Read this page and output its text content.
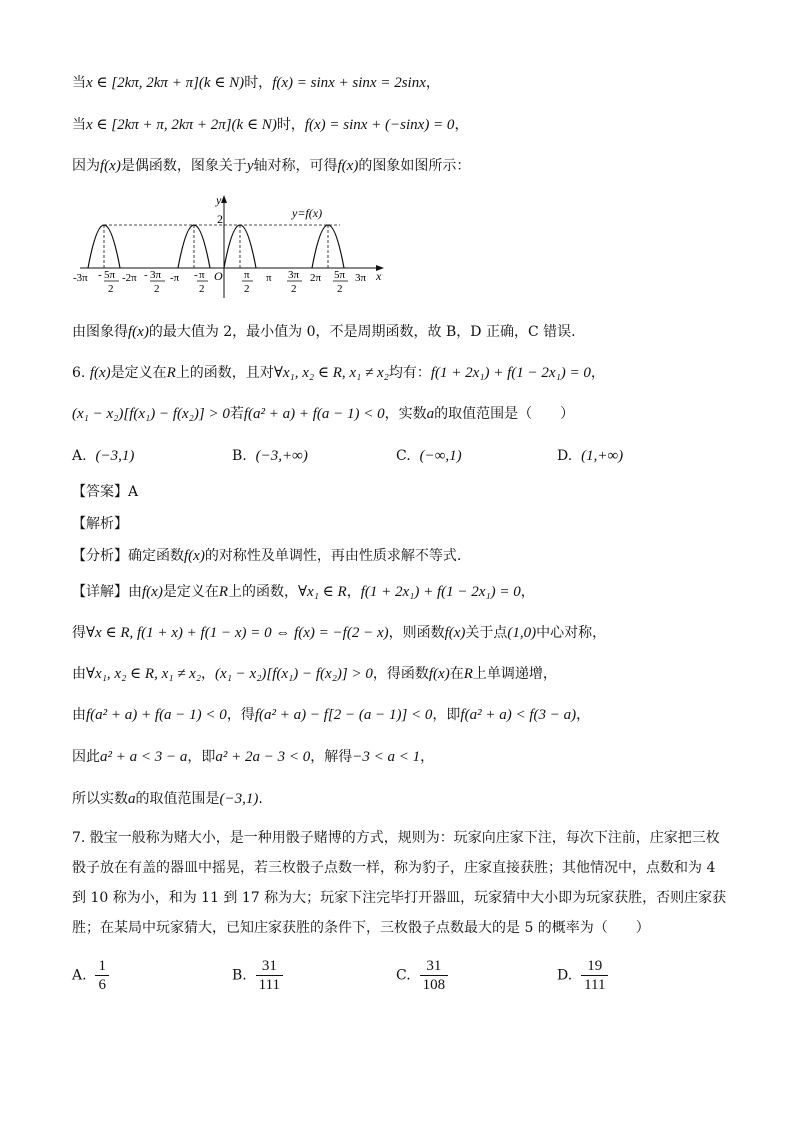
当x ∈ [2kπ, 2kπ + π](k ∈ N)时，f(x) = sinx + sinx = 2sinx，
当x ∈ [2kπ + π, 2kπ + 2π](k ∈ N)时，f(x) = sinx + (−sinx) = 0，
因为f(x)是偶函数，图象关于y轴对称，可得f(x)的图象如图所示：
y
2	y=f(x)
O	x
-3π - 5π
2
-2π - 3π
2
-π - π
2
π
2
π 3π
2
2π 5π
2
3π
由图象得f(x)的最大值为 2，最小值为 0，不是周期函数，故 B，D 正确，C 错误.
6. f(x)是定义在R上的函数，且对∀x₁, x₂ ∈ R, x₁ ≠ x₂均有：f(1 + 2x₁) + f(1 − 2x₁) = 0，
(x₁ − x₂)[f(x₁) − f(x₂)] > 0若f(a² + a) + f(a − 1) < 0，实数a的取值范围是（　　）
A. (−3,1)	B. (−3,+∞)	C. (−∞,1)	D. (1,+∞)
【答案】A
【解析】
【分析】确定函数f(x)的对称性及单调性，再由性质求解不等式.
【详解】由f(x)是定义在R上的函数，∀x₁ ∈ R，f(1 + 2x₁) + f(1 − 2x₁) = 0，
得∀x ∈ R, f(1 + x) + f(1 − x) = 0 ⇔ f(x) = −f(2 − x)，则函数f(x)关于点(1,0)中心对称，
由∀x₁, x₂ ∈ R, x₁ ≠ x₂，(x₁ − x₂)[f(x₁) − f(x₂)] > 0，得函数f(x)在R上单调递增，
由f(a² + a) + f(a − 1) < 0，得f(a² + a) − f[2 − (a − 1)] < 0，即f(a² + a) < f(3 − a)，
因此a² + a < 3 − a，即a² + 2a − 3 < 0，解得−3 < a < 1，
所以实数a的取值范围是(−3,1).
7. 骰宝一般称为赌大小，是一种用骰子赌博的方式，规则为：玩家向庄家下注，每次下注前，庄家把三枚
骰子放在有盖的器皿中摇晃，若三枚骰子点数一样，称为豹子，庄家直接获胜；其他情况中，点数和为 4
到 10 称为小，和为 11 到 17 称为大；玩家下注完毕打开器皿，玩家猜中大小即为玩家获胜，否则庄家获
胜；在某局中玩家猜大，已知庄家获胜的条件下，三枚骰子点数最大的是 5 的概率为（　　）
A. $\frac{1}{6}$	B. $\frac{31}{111}$	C. $\frac{31}{108}$	D. $\frac{19}{111}$
